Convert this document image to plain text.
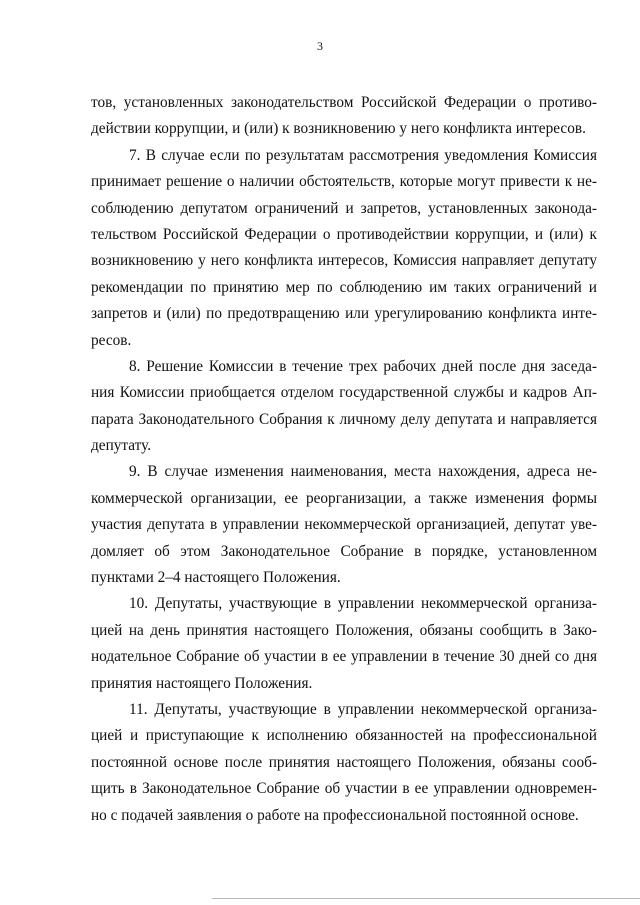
3
тов, установленных законодательством Российской Федерации о противо-
действии коррупции, и (или) к возникновению у него конфликта интересов.
7. В случае если по результатам рассмотрения уведомления Комиссия
принимает решение о наличии обстоятельств, которые могут привести к не-
соблюдению депутатом ограничений и запретов, установленных законода-
тельством Российской Федерации о противодействии коррупции, и (или) к
возникновению у него конфликта интересов, Комиссия направляет депутату
рекомендации по принятию мер по соблюдению им таких ограничений и
запретов и (или) по предотвращению или урегулированию конфликта инте-
ресов.
8. Решение Комиссии в течение трех рабочих дней после дня заседа-
ния Комиссии приобщается отделом государственной службы и кадров Ап-
парата Законодательного Собрания к личному делу депутата и направляется
депутату.
9. В случае изменения наименования, места нахождения, адреса не-
коммерческой организации, ее реорганизации, а также изменения формы
участия депутата в управлении некоммерческой организацией, депутат уве-
домляет об этом Законодательное Собрание в порядке, установленном
пунктами 2–4 настоящего Положения.
10. Депутаты, участвующие в управлении некоммерческой организа-
цией на день принятия настоящего Положения, обязаны сообщить в Зако-
нодательное Собрание об участии в ее управлении в течение 30 дней со дня
принятия настоящего Положения.
11. Депутаты, участвующие в управлении некоммерческой организа-
цией и приступающие к исполнению обязанностей на профессиональной
постоянной основе после принятия настоящего Положения, обязаны сооб-
щить в Законодательное Собрание об участии в ее управлении одновремен-
но с подачей заявления о работе на профессиональной постоянной основе.
